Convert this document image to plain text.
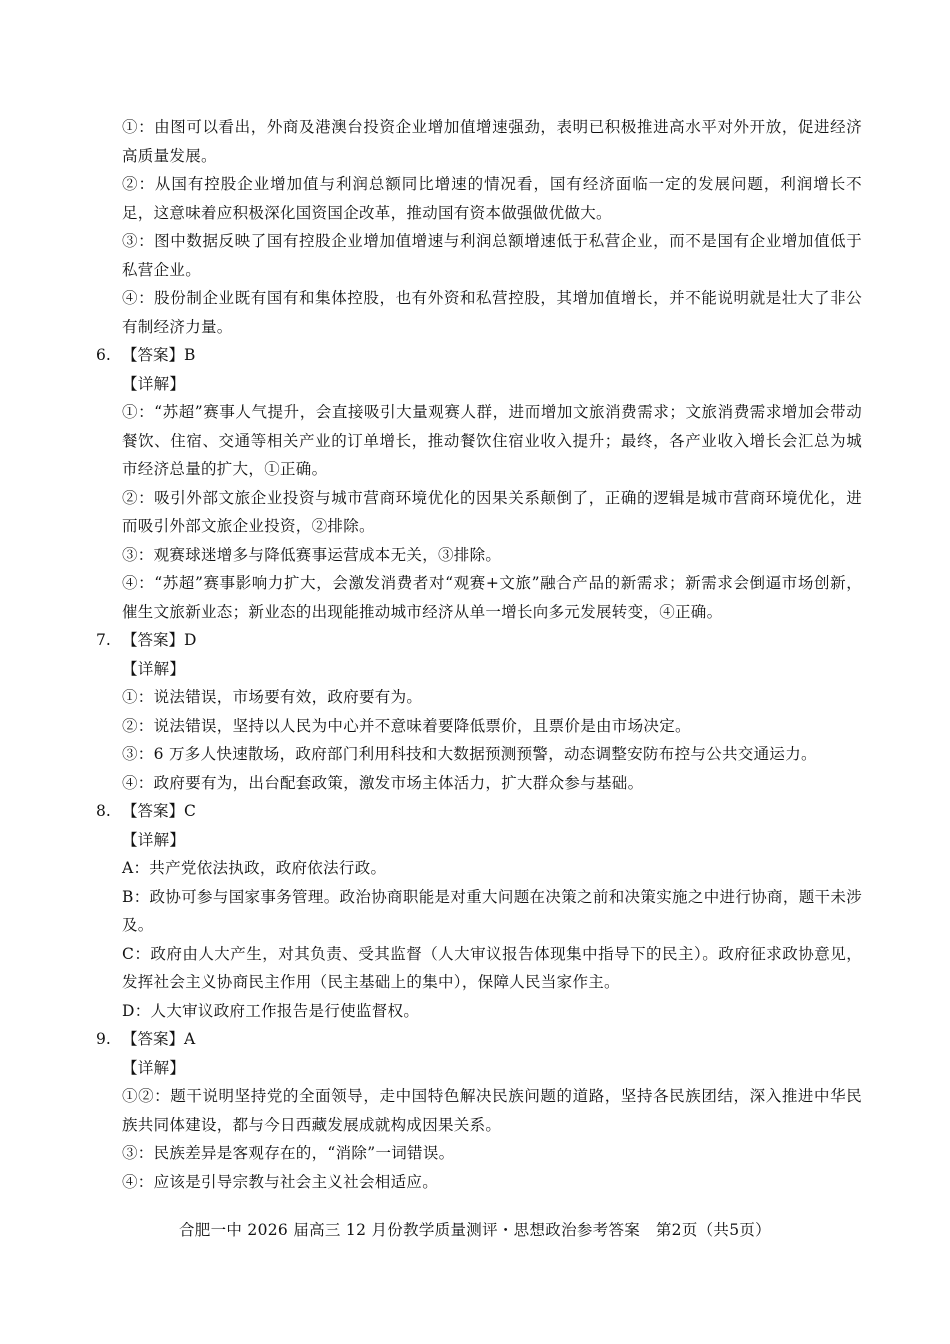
①：由图可以看出，外商及港澳台投资企业增加值增速强劲，表明已积极推进高水平对外开放，促进经济高质量发展。

②：从国有控股企业增加值与利润总额同比增速的情况看，国有经济面临一定的发展问题，利润增长不足，这意味着应积极深化国资国企改革，推动国有资本做强做优做大。

③：图中数据反映了国有控股企业增加值增速与利润总额增速低于私营企业，而不是国有企业增加值低于私营企业。

④：股份制企业既有国有和集体控股，也有外资和私营控股，其增加值增长，并不能说明就是壮大了非公有制经济力量。

6. 【答案】B

【详解】

①：“苏超”赛事人气提升，会直接吸引大量观赛人群，进而增加文旅消费需求；文旅消费需求增加会带动餐饮、住宿、交通等相关产业的订单增长，推动餐饮住宿业收入提升；最终，各产业收入增长会汇总为城市经济总量的扩大，①正确。

②：吸引外部文旅企业投资与城市营商环境优化的因果关系颠倒了，正确的逻辑是城市营商环境优化，进而吸引外部文旅企业投资，②排除。

③：观赛球迷增多与降低赛事运营成本无关，③排除。

④：“苏超”赛事影响力扩大，会激发消费者对“观赛+文旅”融合产品的新需求；新需求会倒逼市场创新，催生文旅新业态；新业态的出现能推动城市经济从单一增长向多元发展转变，④正确。

7. 【答案】D

【详解】

①：说法错误，市场要有效，政府要有为。

②：说法错误，坚持以人民为中心并不意味着要降低票价，且票价是由市场决定。

③：6 万多人快速散场，政府部门利用科技和大数据预测预警，动态调整安防布控与公共交通运力。

④：政府要有为，出台配套政策，激发市场主体活力，扩大群众参与基础。

8. 【答案】C

【详解】

A：共产党依法执政，政府依法行政。

B：政协可参与国家事务管理。政治协商职能是对重大问题在决策之前和决策实施之中进行协商，题干未涉及。

C：政府由人大产生，对其负责、受其监督（人大审议报告体现集中指导下的民主）。政府征求政协意见，发挥社会主义协商民主作用（民主基础上的集中），保障人民当家作主。

D：人大审议政府工作报告是行使监督权。

9. 【答案】A

【详解】

①②：题干说明坚持党的全面领导，走中国特色解决民族问题的道路，坚持各民族团结，深入推进中华民族共同体建设，都与今日西藏发展成就构成因果关系。

③：民族差异是客观存在的，“消除”一词错误。

④：应该是引导宗教与社会主义社会相适应。

合肥一中 2026 届高三 12 月份教学质量测评・思想政治参考答案　第2页（共5页）
